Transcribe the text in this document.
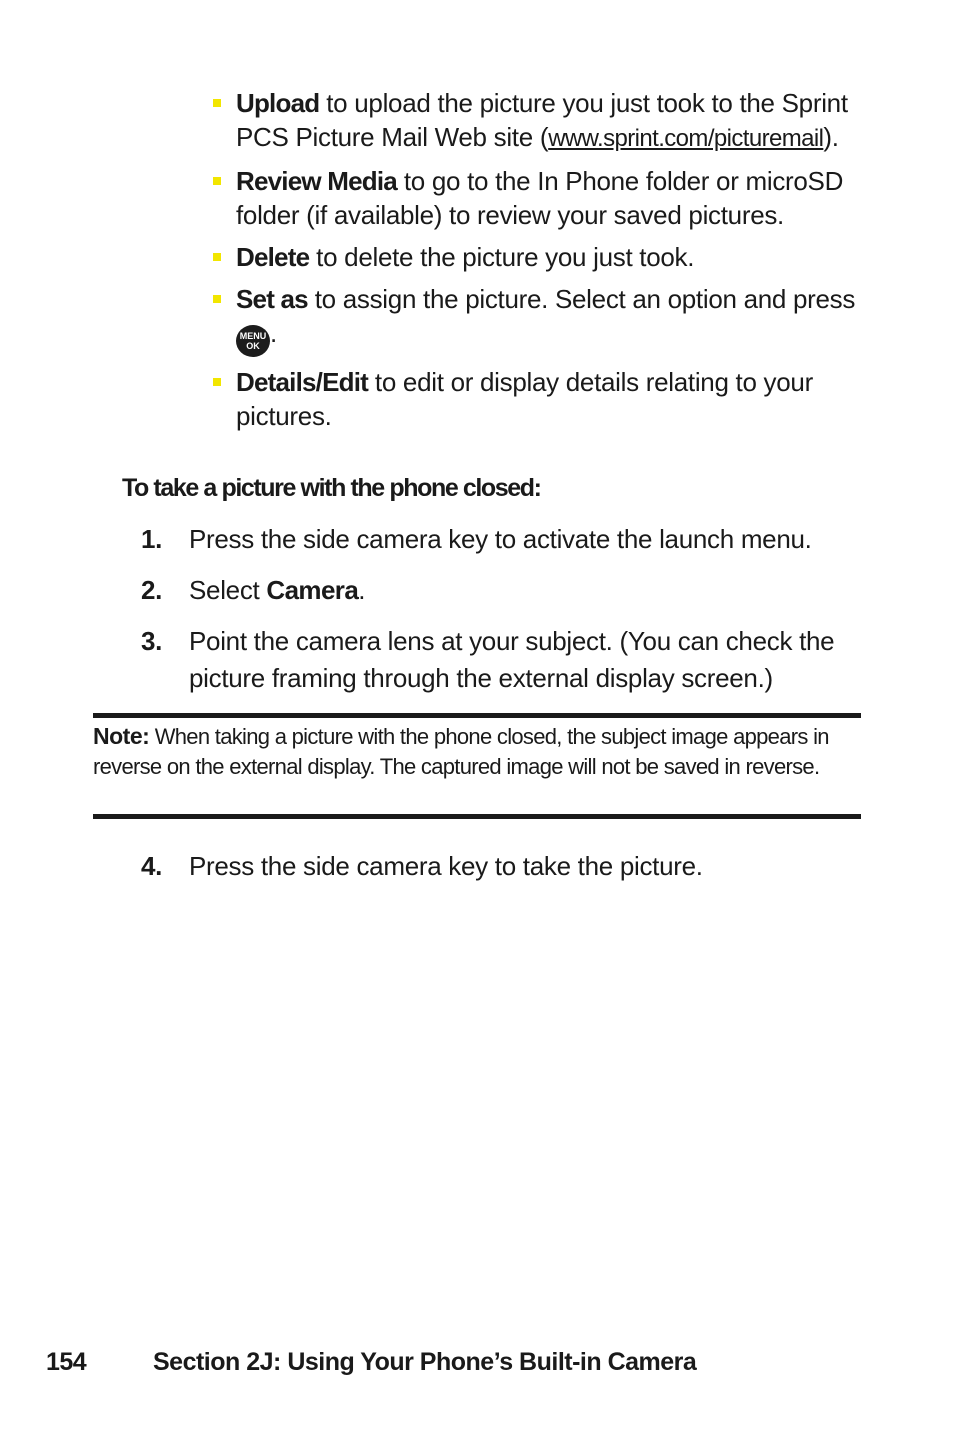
Upload to upload the picture you just took to the Sprint PCS Picture Mail Web site (www.sprint.com/picturemail).
Review Media to go to the In Phone folder or microSD folder (if available) to review your saved pictures.
Delete to delete the picture you just took.
Set as to assign the picture. Select an option and press
MENU
OK .
Details/Edit to edit or display details relating to your pictures.
To take a picture with the phone closed:
1. Press the side camera key to activate the launch menu.
2. Select Camera.
3. Point the camera lens at your subject. (You can check the picture framing through the external display screen.)
Note: When taking a picture with the phone closed, the subject image appears in reverse on the external display. The captured image will not be saved in reverse.
4. Press the side camera key to take the picture.
154	Section 2J: Using Your Phone’s Built-in Camera
